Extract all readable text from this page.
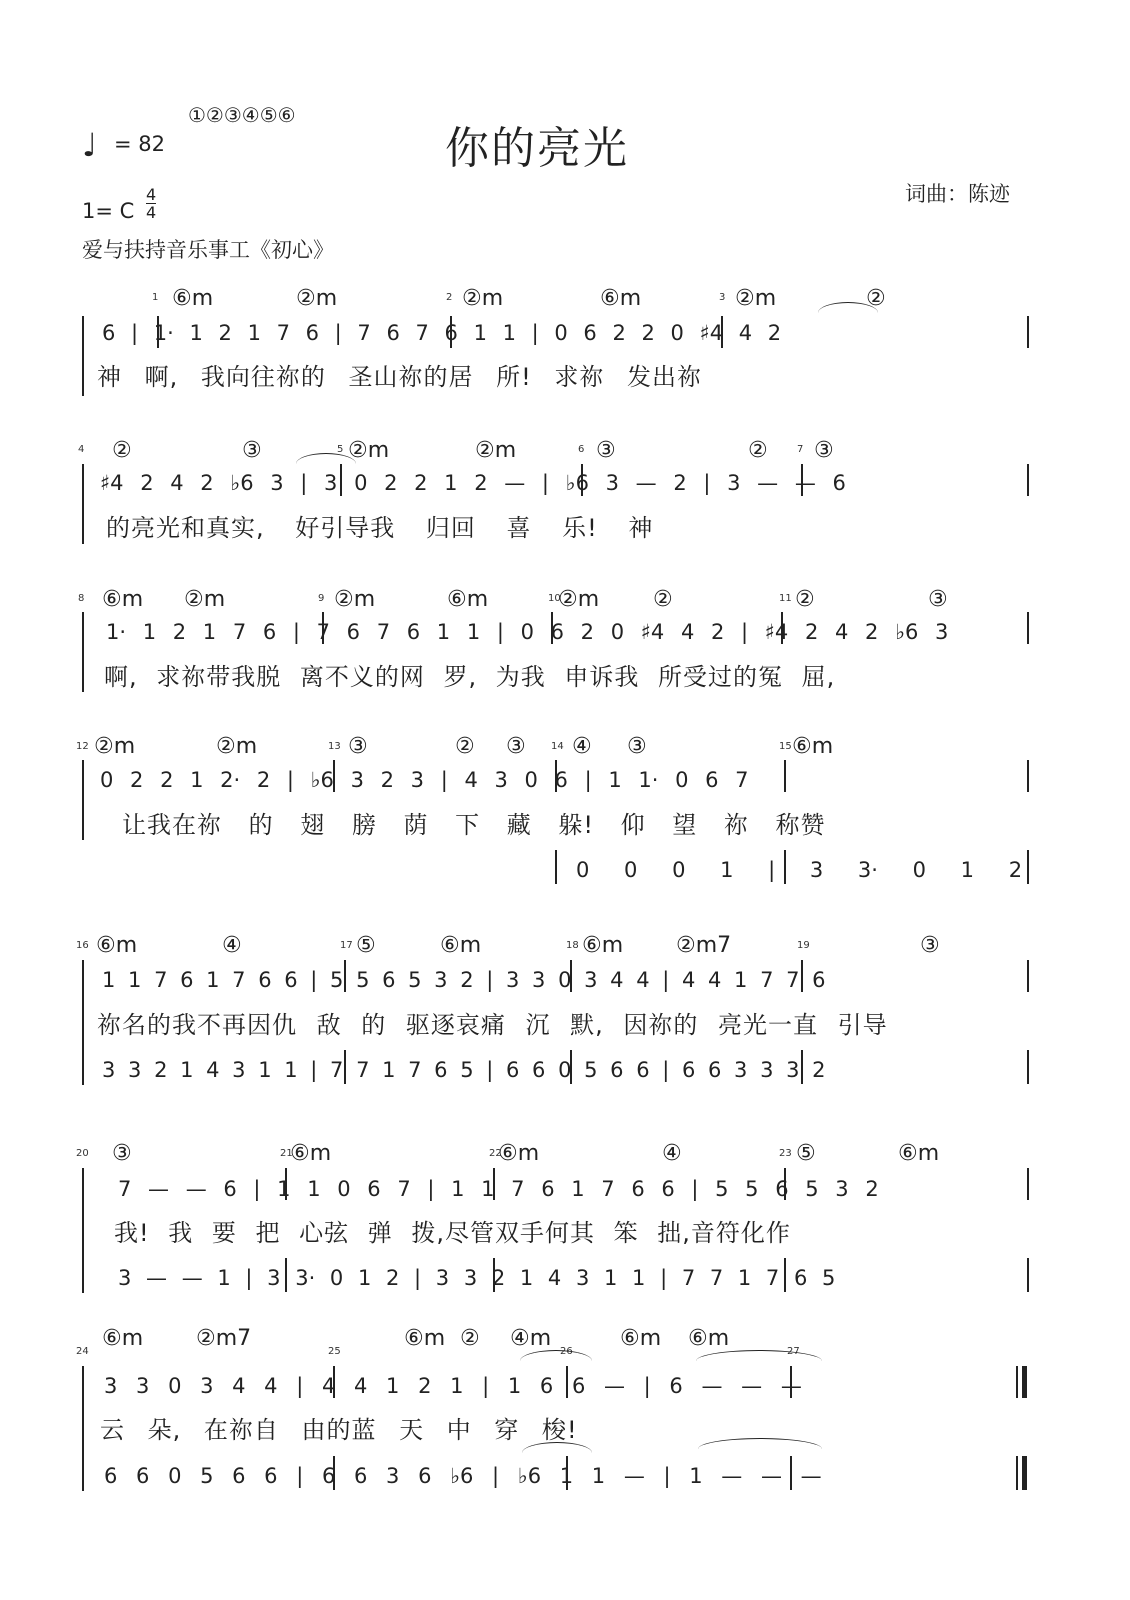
♩ = 82
①②③④⑤⑥
你的亮光
1= C $\frac{4}{4}$	词曲：陈迹
爱与扶持音乐事工《初心》
1	2	3
⑥m	②m	②m	⑥m	②m	②
6 | 1· 1 2 1 7 6 | 7 6 7 6 1 1 | 0 6 2 2 0 ♯4 4 2
神 啊, 我向往祢的 圣山祢的居 所! 求祢 发出祢
4	5	6	7
②	③	②m	②m	③	② ③
♯4 2 4 2 ♭6 3 | 3 0 2 2 1 2 — | ♭6 3 — 2 | 3 — — 6
的亮光和真实, 好引导我 归回 喜 乐! 神
8	9	10	11
⑥m ②m	②m	⑥m	②m ②	②	③
1· 1 2 1 7 6 | 7 6 7 6 1 1 | 0 6 2 0 ♯4 4 2 | ♯4 2 4 2 ♭6 3
啊, 求祢带我脱 离不义的网 罗, 为我 申诉我 所受过的冤 屈,
12	13	14	15
②m	②m	③	② ③ ④ ③	⑥m
0 2 2 1 2· 2 | ♭6 3 2 3 | 4 3 0 6 | 1 1· 0 6 7
让我在祢 的 翅 膀 荫 下 藏 躲! 仰 望 祢 称赞
0 0 0 1 | 3 3· 0 1 2
16	17	18	19
⑥m	④	⑤	⑥m	⑥m ②m7	③
1 1 7 6 1 7 6 6 | 5 5 6 5 3 2 | 3 3 0 3 4 4 | 4 4 1 7 7 6
祢名的我不再因仇 敌 的 驱逐哀痛 沉 默, 因祢的 亮光一直 引导
3 3 2 1 4 3 1 1 | 7 7 1 7 6 5 | 6 6 0 5 6 6 | 6 6 3 3 3 2
20	21	22	23
③	⑥m	⑥m	④	⑤	⑥m
7 — — 6 | 1 1 0 6 7 | 1 1 7 6 1 7 6 6 | 5 5 6 5 3 2
我! 我 要 把 心弦 弹 拨,尽管双手何其 笨 拙,音符化作
3 — — 1 | 3 3· 0 1 2 | 3 3 2 1 4 3 1 1 | 7 7 1 7 6 5
24	25	26	27
⑥m ②m7	⑥m ② ④m	⑥m ⑥m
3 3 0 3 4 4 | 4 4 1 2 1 | 1 6 6 — | 6 — — —
云 朵, 在祢自 由的蓝 天 中 穿 梭!
6 6 0 5 6 6 | 6 6 3 6 ♭6 | ♭6 1 1 — | 1 — — —
